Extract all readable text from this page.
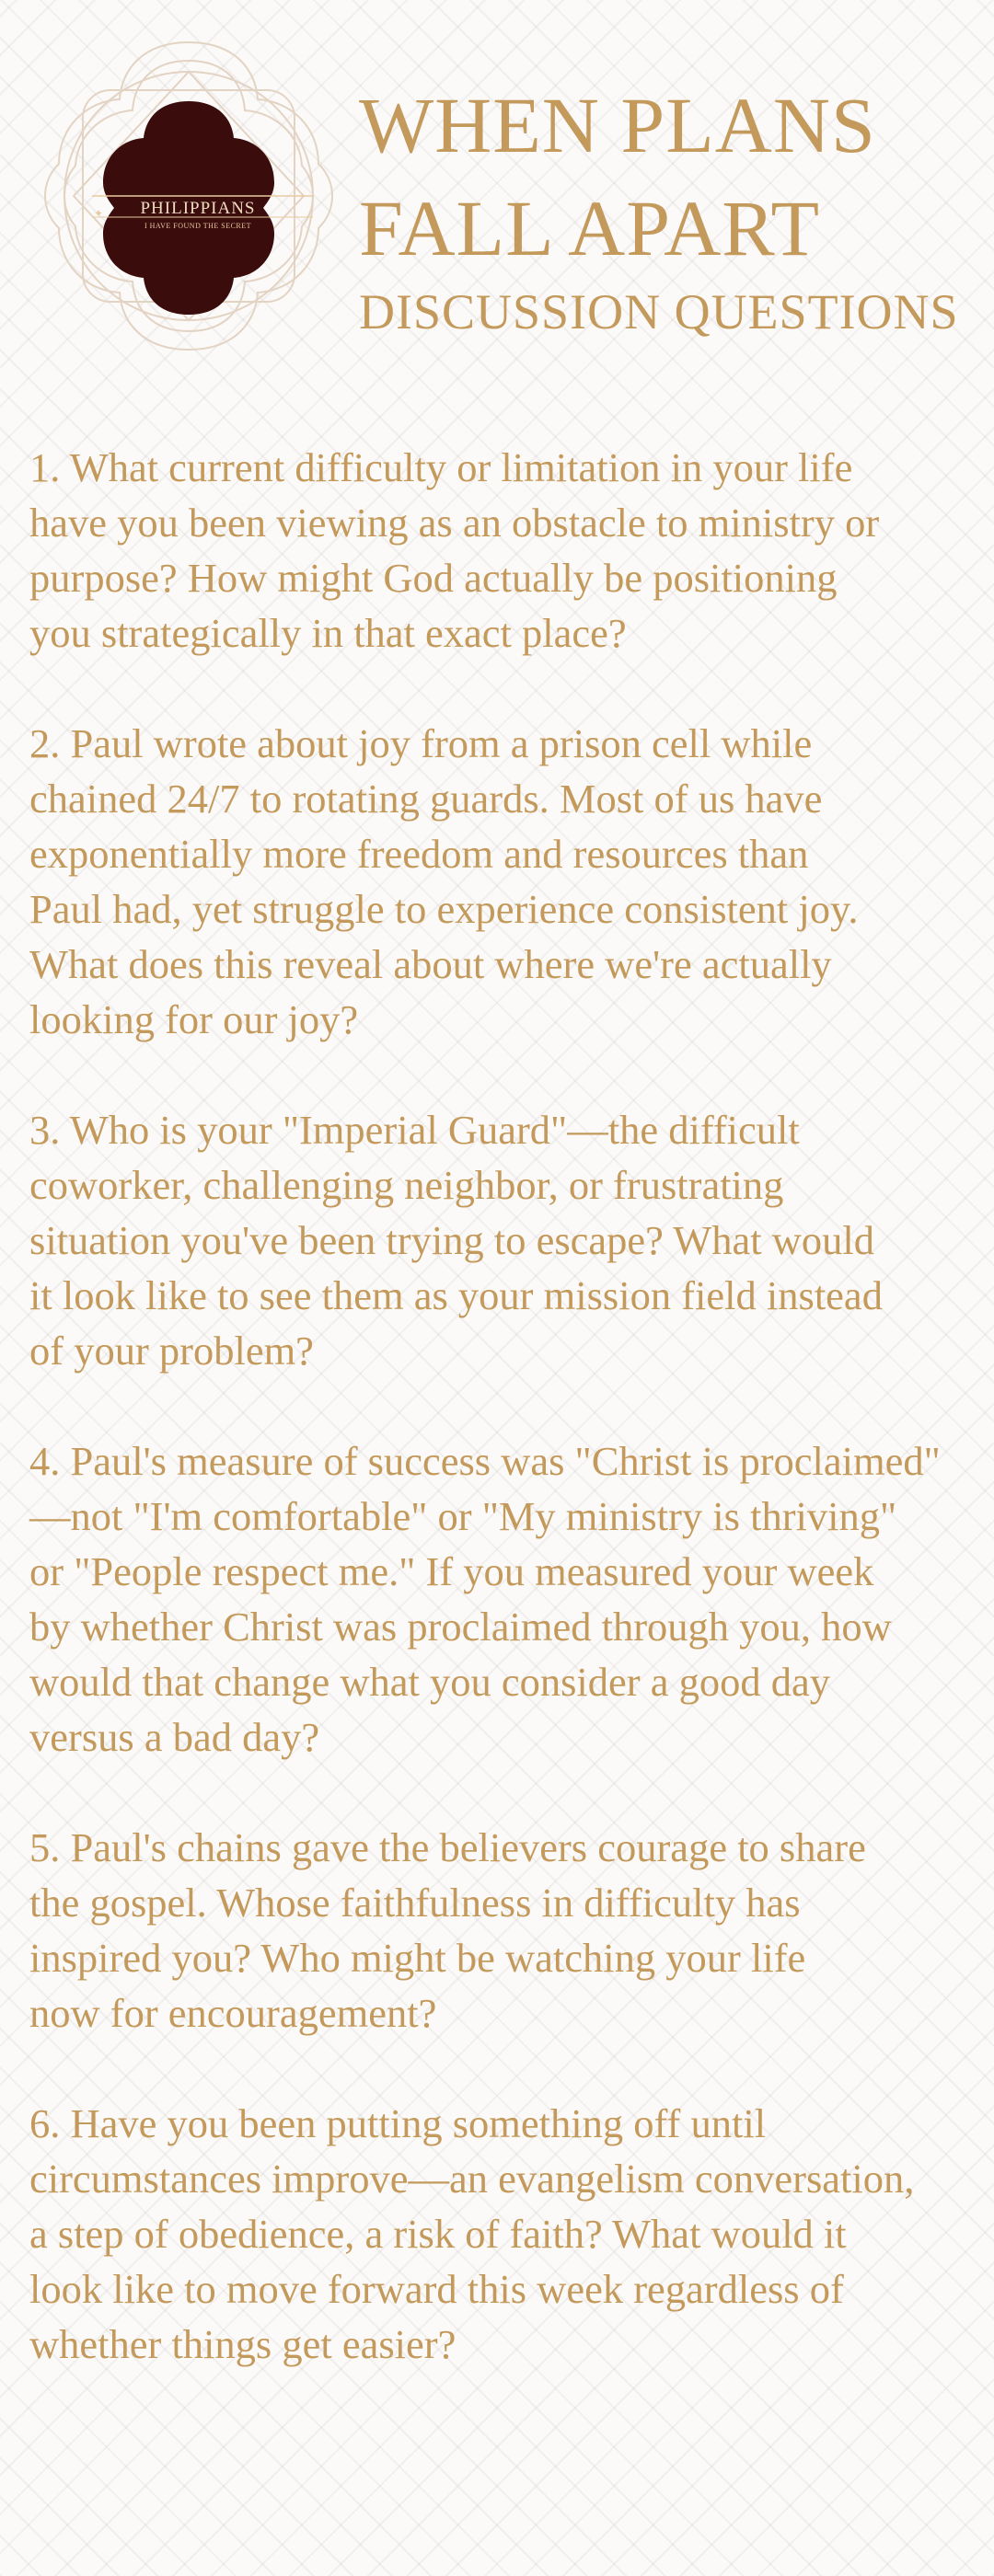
✦ PHILIPPIANS
I HAVE FOUND THE SECRET
WHEN PLANS
FALL APART
DISCUSSION QUESTIONS
1. What current difficulty or limitation in your life
have you been viewing as an obstacle to ministry or
purpose? How might God actually be positioning
you strategically in that exact place?
2. Paul wrote about joy from a prison cell while
chained 24/7 to rotating guards. Most of us have
exponentially more freedom and resources than
Paul had, yet struggle to experience consistent joy.
What does this reveal about where we're actually
looking for our joy?
3. Who is your "Imperial Guard"—the difficult
coworker, challenging neighbor, or frustrating
situation you've been trying to escape? What would
it look like to see them as your mission field instead
of your problem?
4. Paul's measure of success was "Christ is proclaimed"
—not "I'm comfortable" or "My ministry is thriving"
or "People respect me." If you measured your week
by whether Christ was proclaimed through you, how
would that change what you consider a good day
versus a bad day?
5. Paul's chains gave the believers courage to share
the gospel. Whose faithfulness in difficulty has
inspired you? Who might be watching your life
now for encouragement?
6. Have you been putting something off until
circumstances improve—an evangelism conversation,
a step of obedience, a risk of faith? What would it
look like to move forward this week regardless of
whether things get easier?
